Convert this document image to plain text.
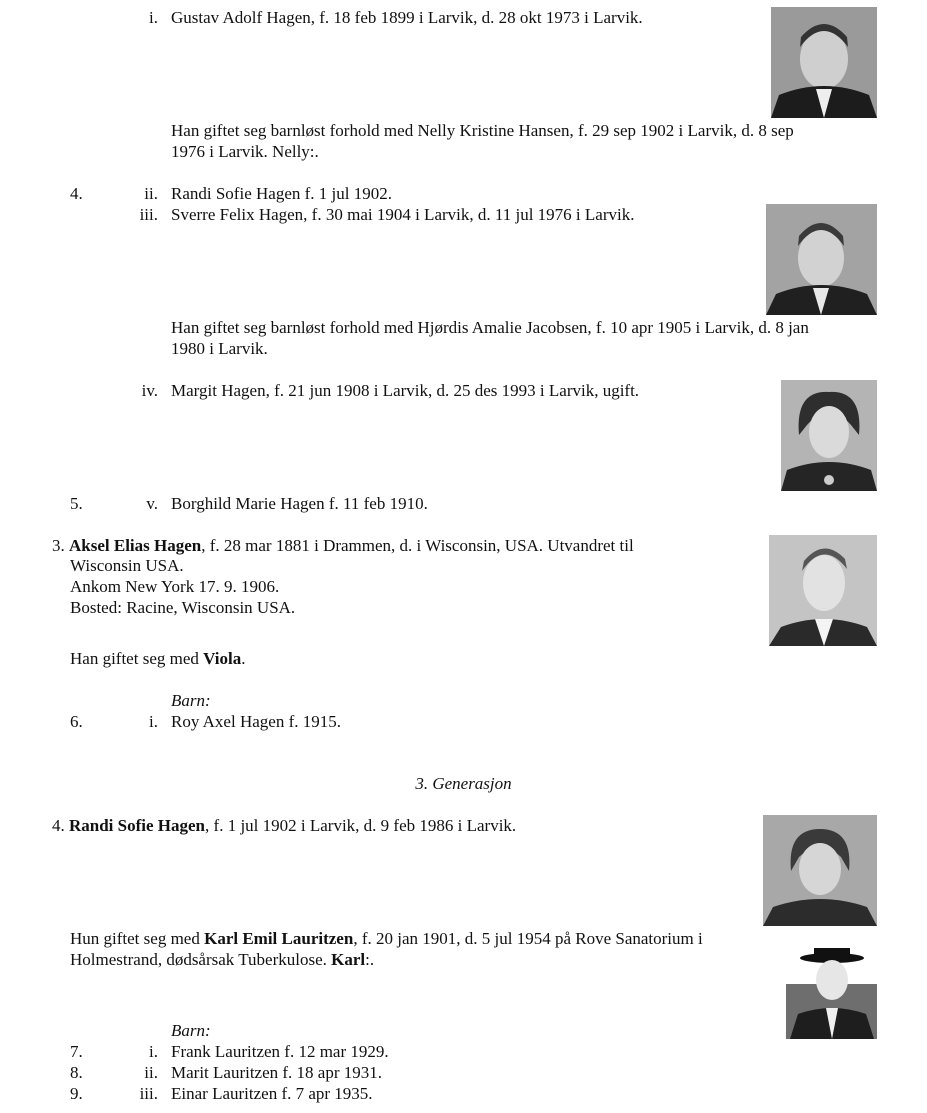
i. Gustav Adolf Hagen, f. 18 feb 1899 i Larvik, d. 28 okt 1973 i Larvik.
Han giftet seg barnløst forhold med Nelly Kristine Hansen, f. 29 sep 1902 i Larvik, d. 8 sep
1976 i Larvik. Nelly:.
4.	ii. Randi Sofie Hagen f. 1 jul 1902.
iii. Sverre Felix Hagen, f. 30 mai 1904 i Larvik, d. 11 jul 1976 i Larvik.
Han giftet seg barnløst forhold med Hjørdis Amalie Jacobsen, f. 10 apr 1905 i Larvik, d. 8 jan
1980 i Larvik.
iv. Margit Hagen, f. 21 jun 1908 i Larvik, d. 25 des 1993 i Larvik, ugift.
5.	v. Borghild Marie Hagen f. 11 feb 1910.
3. Aksel Elias Hagen, f. 28 mar 1881 i Drammen, d. i Wisconsin, USA. Utvandret til
Wisconsin USA.
Ankom New York 17. 9. 1906.
Bosted: Racine, Wisconsin USA.
Han giftet seg med Viola.
Barn:
6.	i. Roy Axel Hagen f. 1915.
3. Generasjon
4. Randi Sofie Hagen, f. 1 jul 1902 i Larvik, d. 9 feb 1986 i Larvik.
Hun giftet seg med Karl Emil Lauritzen, f. 20 jan 1901, d. 5 jul 1954 på Rove Sanatorium i
Holmestrand, dødsårsak Tuberkulose. Karl:.
Barn:
7.	i. Frank Lauritzen f. 12 mar 1929.
8.	ii. Marit Lauritzen f. 18 apr 1931.
9.	iii. Einar Lauritzen f. 7 apr 1935.
